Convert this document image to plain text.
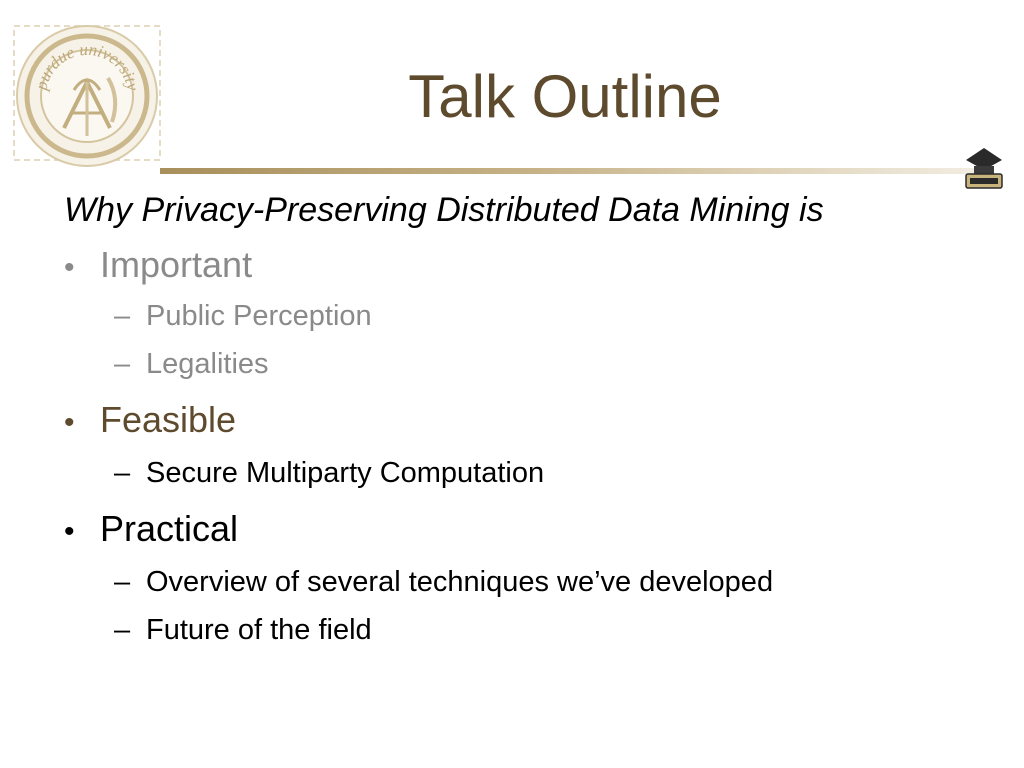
purdue university	Talk Outline

Why Privacy-Preserving Distributed Data Mining is

• Important
– Public Perception
– Legalities
• Feasible
– Secure Multiparty Computation
• Practical
– Overview of several techniques we’ve developed
– Future of the field
